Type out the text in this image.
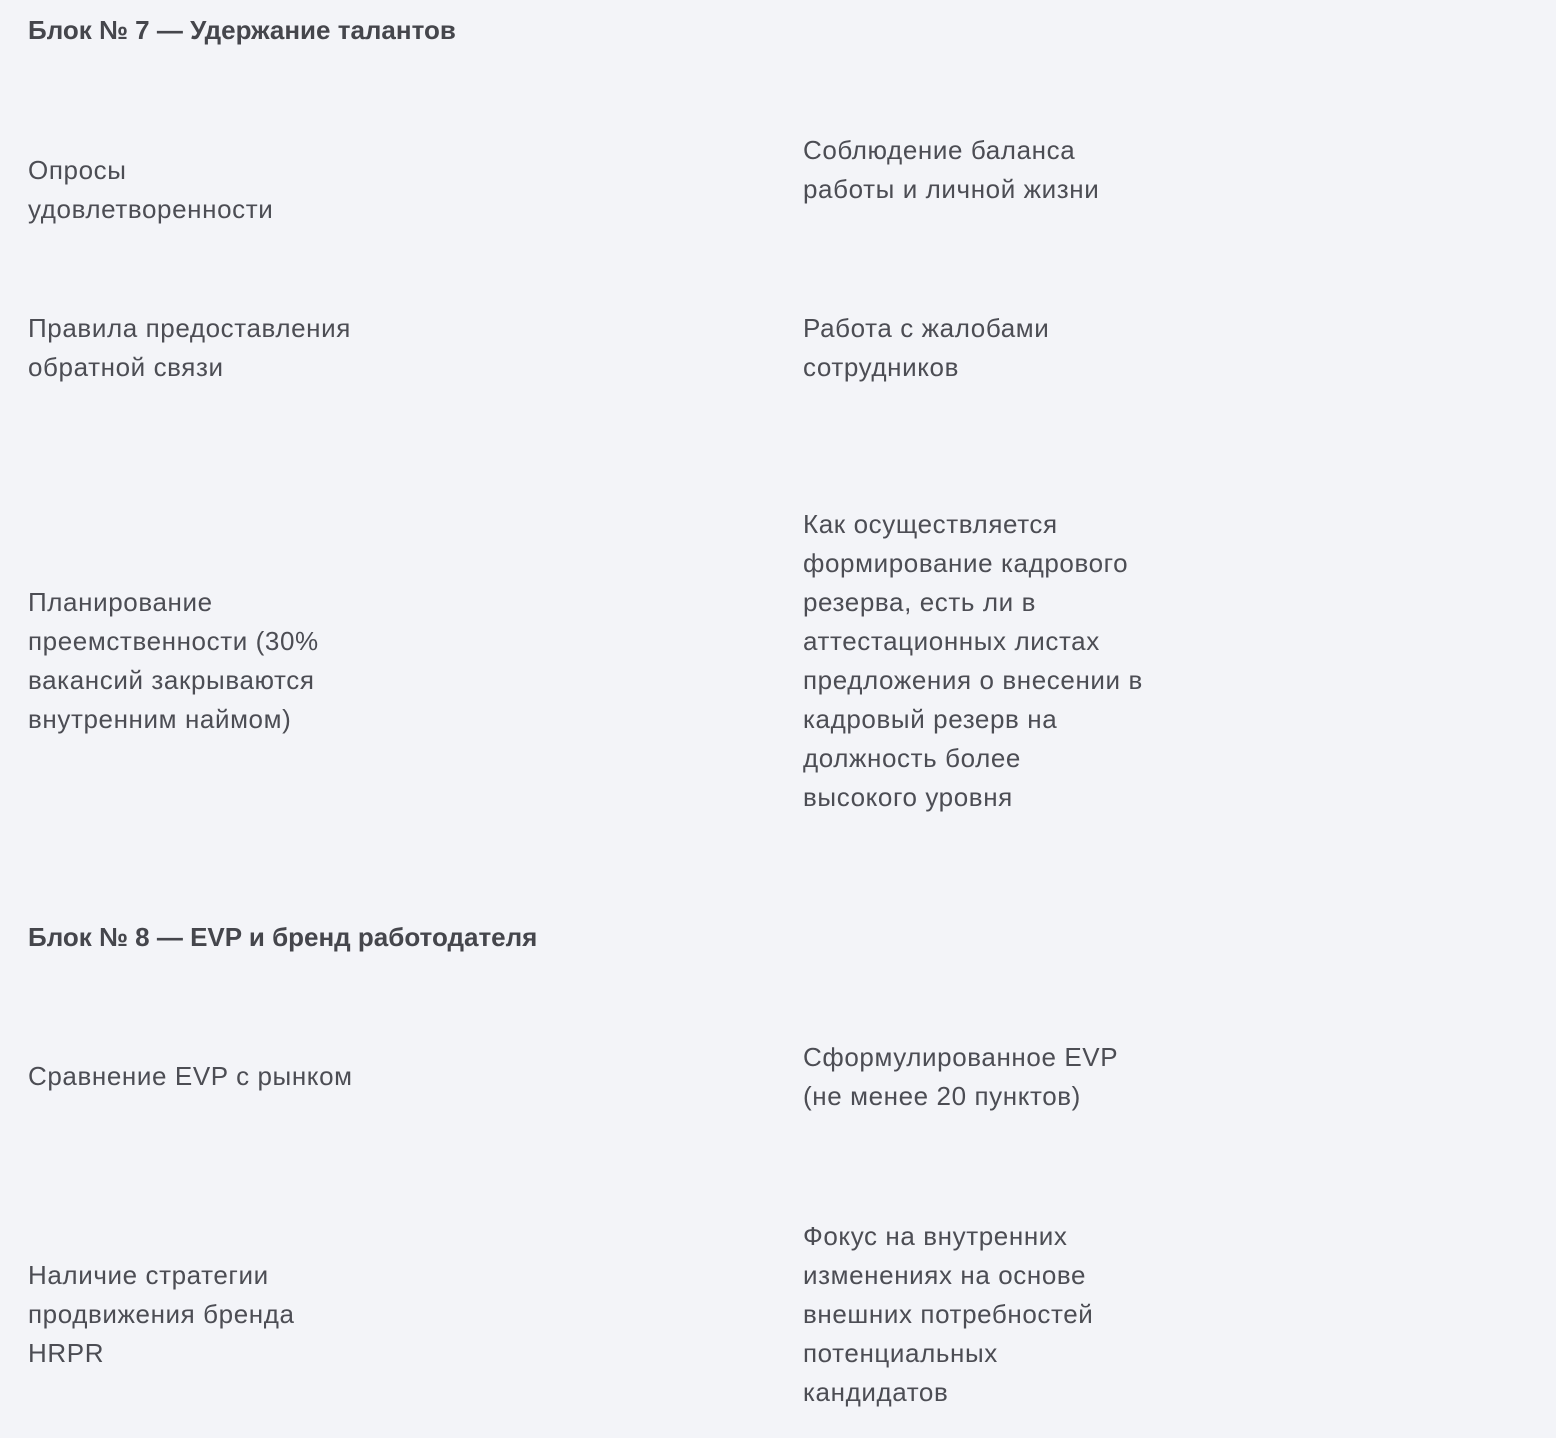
Блок № 7 — Удержание талантов
Опросы удовлетворенности
Соблюдение баланса работы и личной жизни
Правила предоставления обратной связи
Работа с жалобами сотрудников
Планирование преемственности (30% вакансий закрываются внутренним наймом)
Как осуществляется формирование кадрового резерва, есть ли в аттестационных листах предложения о внесении в кадровый резерв на должность более высокого уровня
Блок № 8 — EVP и бренд работодателя
Сравнение EVP с рынком
Сформулированное EVP (не менее 20 пунктов)
Наличие стратегии продвижения бренда HRPR
Фокус на внутренних изменениях на основе внешних потребностей потенциальных кандидатов
